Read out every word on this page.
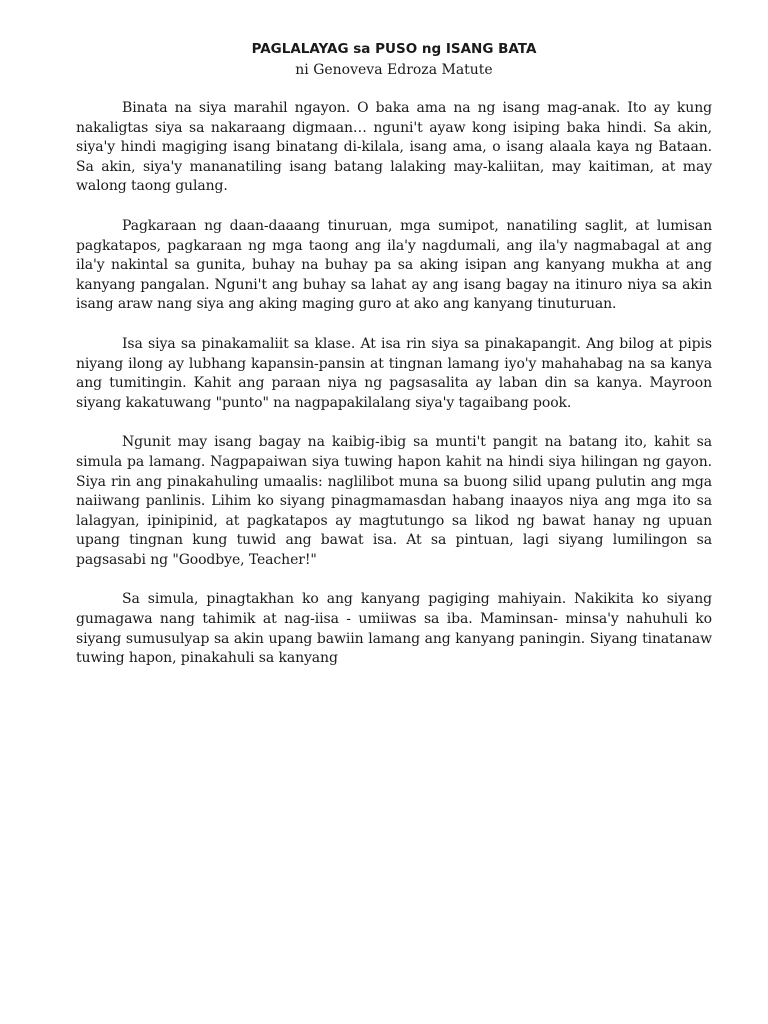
PAGLALAYAG sa PUSO ng ISANG BATA

ni Genoveva Edroza Matute

Binata na siya marahil ngayon. O baka ama na ng isang mag-anak. Ito ay kung nakaligtas siya sa nakaraang digmaan… nguni't ayaw kong isiping baka hindi. Sa akin, siya'y hindi magiging isang binatang di-kilala, isang ama, o isang alaala kaya ng Bataan. Sa akin, siya'y mananatiling isang batang lalaking may-kaliitan, may kaitiman, at may walong taong gulang.

Pagkaraan ng daan-daaang tinuruan, mga sumipot, nanatiling saglit, at lumisan pagkatapos, pagkaraan ng mga taong ang ila'y nagdumali, ang ila'y nagmabagal at ang ila'y nakintal sa gunita, buhay na buhay pa sa aking isipan ang kanyang mukha at ang kanyang pangalan. Nguni't ang buhay sa lahat ay ang isang bagay na itinuro niya sa akin isang araw nang siya ang aking maging guro at ako ang kanyang tinuturuan.

Isa siya sa pinakamaliit sa klase. At isa rin siya sa pinakapangit. Ang bilog at pipis niyang ilong ay lubhang kapansin-pansin at tingnan lamang iyo'y mahahabag na sa kanya ang tumitingin. Kahit ang paraan niya ng pagsasalita ay laban din sa kanya. Mayroon siyang kakatuwang "punto" na nagpapakilalang siya'y tagaibang pook.

Ngunit may isang bagay na kaibig-ibig sa munti't pangit na batang ito, kahit sa simula pa lamang. Nagpapaiwan siya tuwing hapon kahit na hindi siya hilingan ng gayon. Siya rin ang pinakahuling umaalis: naglilibot muna sa buong silid upang pulutin ang mga naiiwang panlinis. Lihim ko siyang pinagmamasdan habang inaayos niya ang mga ito sa lalagyan, ipinipinid, at pagkatapos ay magtutungo sa likod ng bawat hanay ng upuan upang tingnan kung tuwid ang bawat isa. At sa pintuan, lagi siyang lumilingon sa pagsasabi ng "Goodbye, Teacher!"

Sa simula, pinagtakhan ko ang kanyang pagiging mahiyain. Nakikita ko siyang gumagawa nang tahimik at nag-iisa - umiiwas sa iba. Maminsan- minsa'y nahuhuli ko siyang sumusulyap sa akin upang bawiin lamang ang kanyang paningin. Siyang tinatanaw tuwing hapon, pinakahuli sa kanyang
